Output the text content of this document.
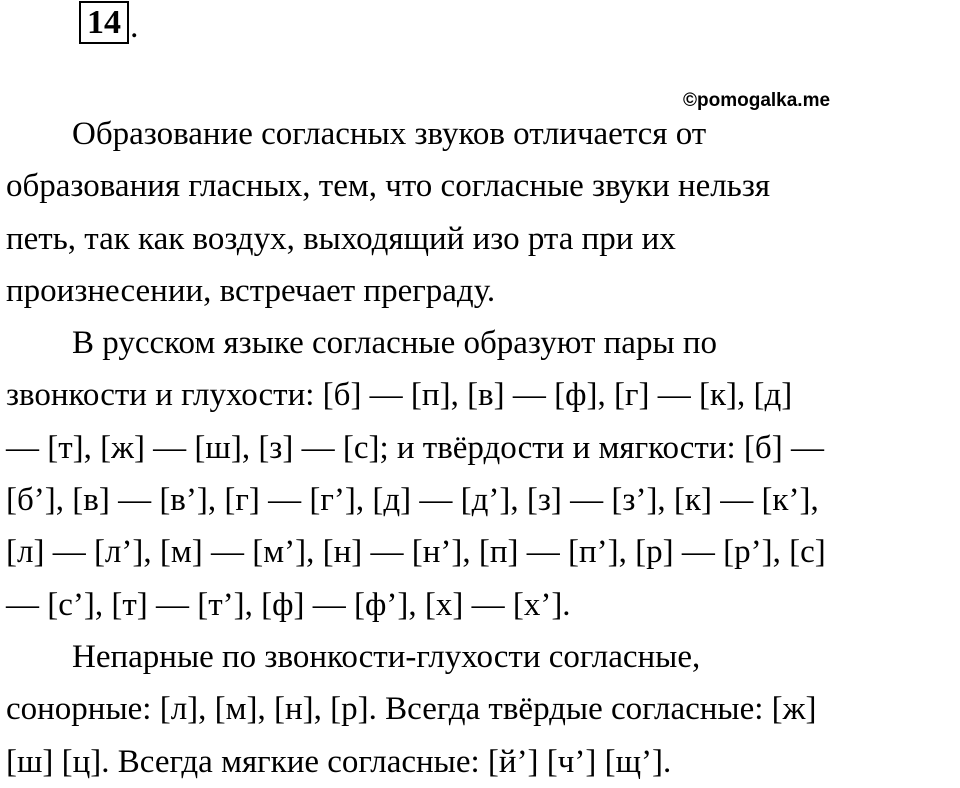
14 .
©pomogalka.me

Образование согласных звуков отличается от
образования гласных, тем, что согласные звуки нельзя
петь, так как воздух, выходящий изо рта при их
произнесении, встречает преграду.

В русском языке согласные образуют пары по
звонкости и глухости: [б] — [п], [в] — [ф], [г] — [к], [д]
— [т], [ж] — [ш], [з] — [с]; и твёрдости и мягкости: [б] —
[б’], [в] — [в’], [г] — [г’], [д] — [д’], [з] — [з’], [к] — [к’],
[л] — [л’], [м] — [м’], [н] — [н’], [п] — [п’], [р] — [р’], [с]
— [с’], [т] — [т’], [ф] — [ф’], [х] — [х’].

Непарные по звонкости-глухости согласные,
сонорные: [л], [м], [н], [р]. Всегда твёрдые согласные: [ж]
[ш] [ц]. Всегда мягкие согласные: [й’] [ч’] [щ’].
